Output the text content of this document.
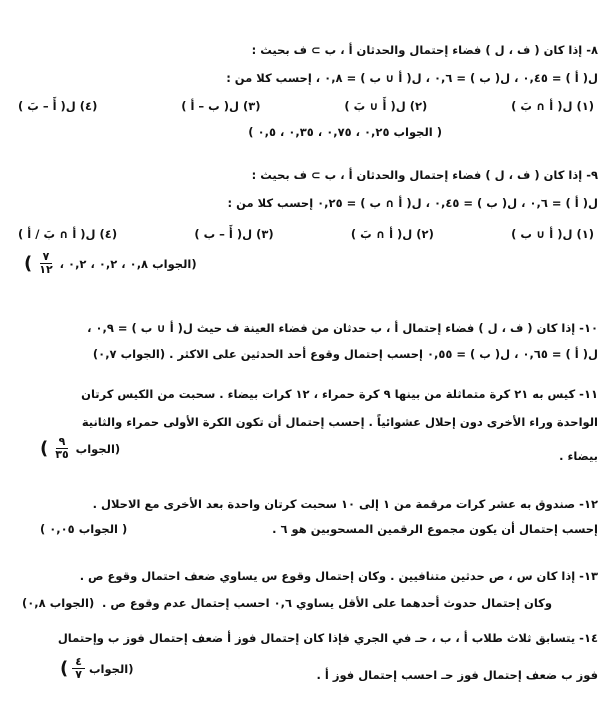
٨- إذا كان ( ف ، ل ) فضاء إحتمال والحدثان أ ، ب ⊃ ف بحيث :
ل( أ ) = ٠,٤٥ ، ل( ب ) = ٠,٦ ، ل( أ ∪ ب ) = ٠,٨ ، إحسب كلا من :
(١) ل( أ ∩ بَ )
(٢) ل( أَ ∪ بَ )
(٣) ل( ب – أ )
(٤) ل( أَ – بَ )
( الجواب ٠,٢٥ ، ٠,٧٥ ، ٠,٣٥ ، ٠,٥ )
٩- إذا كان ( ف ، ل ) فضاء إحتمال والحدثان أ ، ب ⊃ ف بحيث :
ل( أ ) = ٠,٦ ، ل( ب ) = ٠,٤٥ ، ل( أ ∩ ب ) = ٠,٢٥ إحسب كلا من :
(١) ل( أ ∪ ب )
(٢) ل( أ ∩ بَ )
(٣) ل( أَ – ب )
(٤) ل( أ ∩ بَ / أ )
(الجواب ٠,٨ ، ٠,٢ ، ٠,٢ ،
$\frac{٧}{١٢}$
)
١٠- إذا كان ( ف ، ل ) فضاء إحتمال أ ، ب حدثان من فضاء العينة ف حيث ل( أ ∪ ب ) = ٠,٩ ،
ل( أ ) = ٠,٦٥ ، ل( ب ) = ٠,٥٥ إحسب إحتمال وقوع أحد الحدثين على الاكثر . (الجواب ٠,٧)
١١- كيس به ٢١ كرة متماثلة من بينها ٩ كرة حمراء ، ١٢ كرات بيضاء . سحبت من الكيس كرتان
الواحدة وراء الأخرى دون إحلال عشوائياً . إحسب إحتمال أن تكون الكرة الأولى حمراء والثانية
بيضاء .
(الجواب
$\frac{٩}{٣٥}$
)
١٢- صندوق به عشر كرات مرقمة من ١ إلى ١٠ سحبت كرتان واحدة بعد الأخرى مع الاحلال .
إحسب إحتمال أن يكون مجموع الرقمين المسحوبين هو ٦ .
( الجواب ٠,٠٥ )
١٣- إذا كان س ، ص حدثين متنافيين . وكان إحتمال وقوع س يساوي ضعف احتمال وقوع ص .
وكان إحتمال حدوث أحدهما على الأقل يساوي ٠,٦ احسب إحتمال عدم وقوع ص .
(الجواب ٠,٨)
١٤- يتسابق ثلاث طلاب أ ، ب ، حـ في الجري فإذا كان إحتمال فوز أ ضعف إحتمال فوز ب وإحتمال
فوز ب ضعف إحتمال فوز حـ احسب إحتمال فوز أ .
(الجواب
$\frac{٤}{٧}$
)
